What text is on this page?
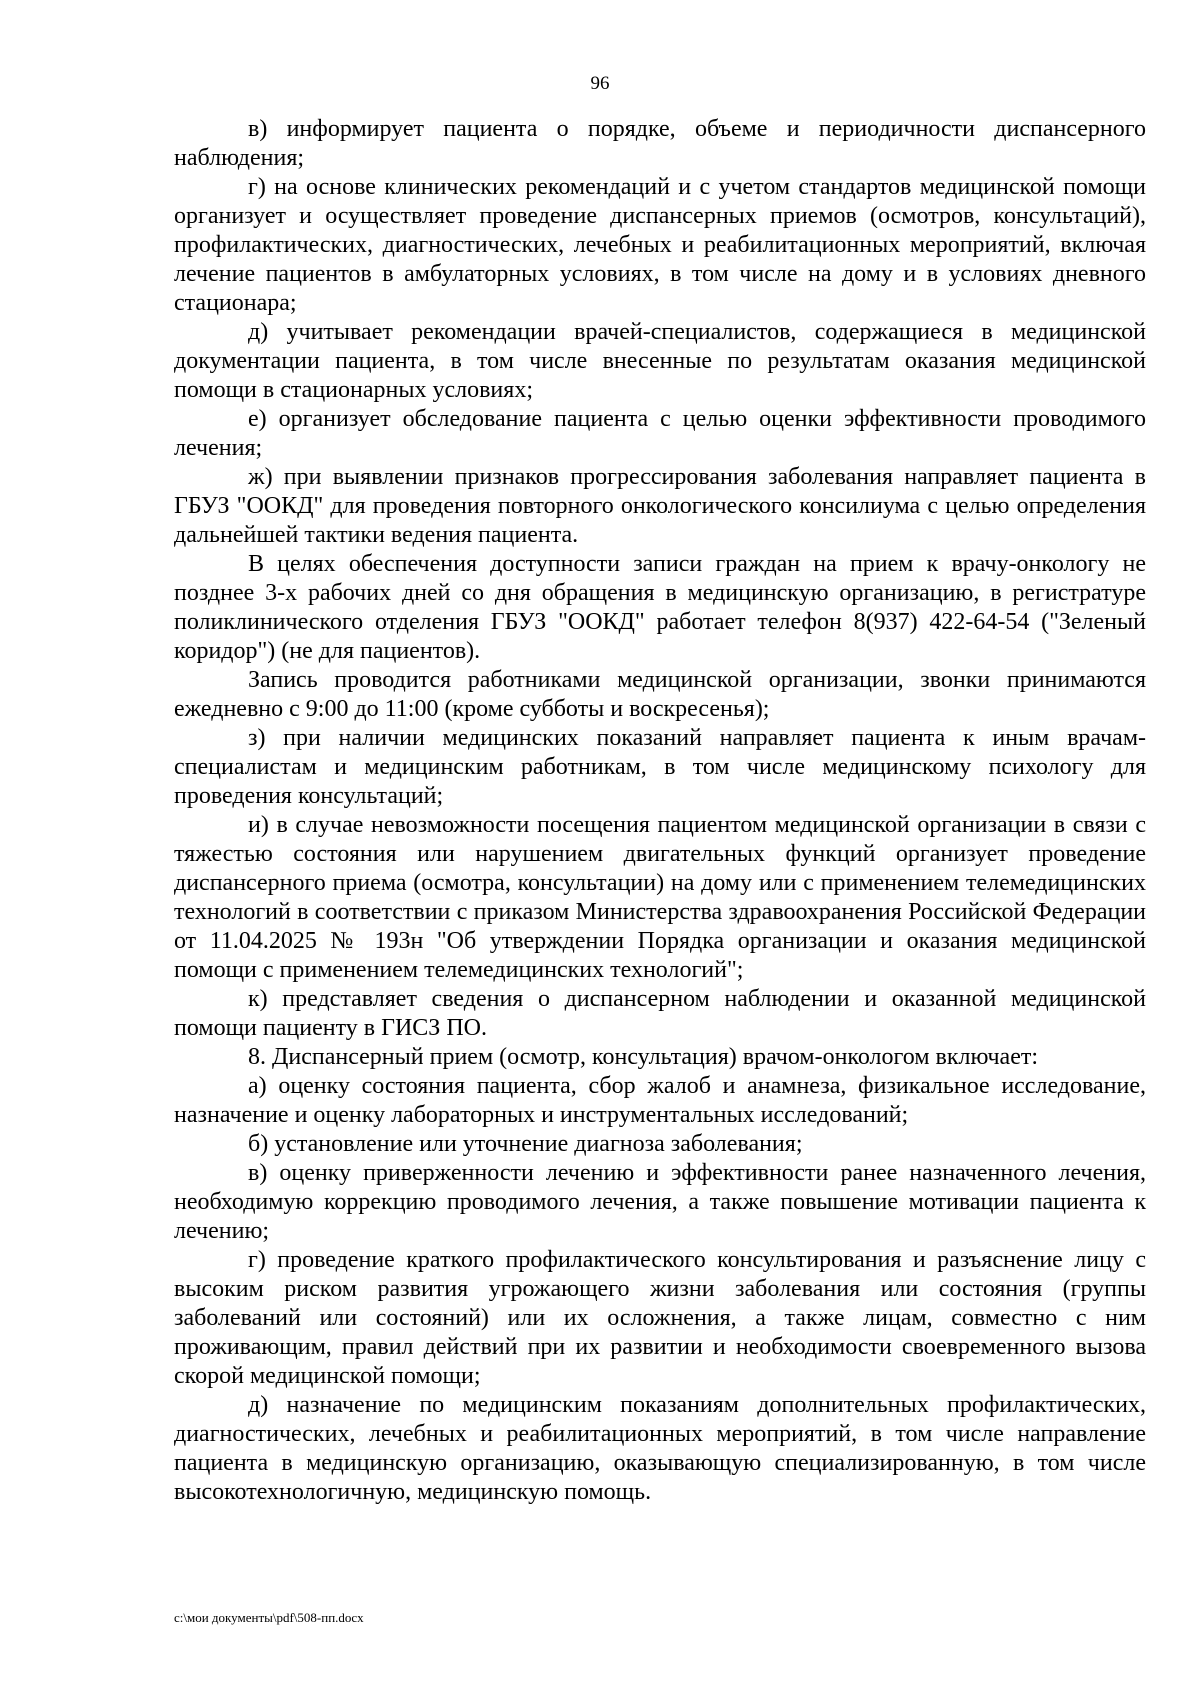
96

в) информирует пациента о порядке, объеме и периодичности диспансерного наблюдения;

г) на основе клинических рекомендаций и с учетом стандартов медицинской помощи организует и осуществляет проведение диспансерных приемов (осмотров, консультаций), профилактических, диагностических, лечебных и реабилитационных мероприятий, включая лечение пациентов в амбулаторных условиях, в том числе на дому и в условиях дневного стационара;

д) учитывает рекомендации врачей-специалистов, содержащиеся в медицинской документации пациента, в том числе внесенные по результатам оказания медицинской помощи в стационарных условиях;

е) организует обследование пациента с целью оценки эффективности проводимого лечения;

ж) при выявлении признаков прогрессирования заболевания направляет пациента в ГБУЗ "ООКД" для проведения повторного онкологического консилиума с целью определения дальнейшей тактики ведения пациента.

В целях обеспечения доступности записи граждан на прием к врачу-онкологу не позднее 3-х рабочих дней со дня обращения в медицинскую организацию, в регистратуре поликлинического отделения ГБУЗ "ООКД" работает телефон 8(937) 422-64-54 ("Зеленый коридор") (не для пациентов).

Запись проводится работниками медицинской организации, звонки принимаются ежедневно с 9:00 до 11:00 (кроме субботы и воскресенья);

з) при наличии медицинских показаний направляет пациента к иным врачам-специалистам и медицинским работникам, в том числе медицинскому психологу для проведения консультаций;

и) в случае невозможности посещения пациентом медицинской организации в связи с тяжестью состояния или нарушением двигательных функций организует проведение диспансерного приема (осмотра, консультации) на дому или с применением телемедицинских технологий в соответствии с приказом Министерства здравоохранения Российской Федерации от 11.04.2025 № 193н "Об утверждении Порядка организации и оказания медицинской помощи с применением телемедицинских технологий";

к) представляет сведения о диспансерном наблюдении и оказанной медицинской помощи пациенту в ГИСЗ ПО.

8. Диспансерный прием (осмотр, консультация) врачом-онкологом включает:

а) оценку состояния пациента, сбор жалоб и анамнеза, физикальное исследование, назначение и оценку лабораторных и инструментальных исследований;

б) установление или уточнение диагноза заболевания;

в) оценку приверженности лечению и эффективности ранее назначенного лечения, необходимую коррекцию проводимого лечения, а также повышение мотивации пациента к лечению;

г) проведение краткого профилактического консультирования и разъяснение лицу с высоким риском развития угрожающего жизни заболевания или состояния (группы заболеваний или состояний) или их осложнения, а также лицам, совместно с ним проживающим, правил действий при их развитии и необходимости своевременного вызова скорой медицинской помощи;

д) назначение по медицинским показаниям дополнительных профилактических, диагностических, лечебных и реабилитационных мероприятий, в том числе направление пациента в медицинскую организацию, оказывающую специализированную, в том числе высокотехнологичную, медицинскую помощь.

c:\мои документы\pdf\508-пп.docx
